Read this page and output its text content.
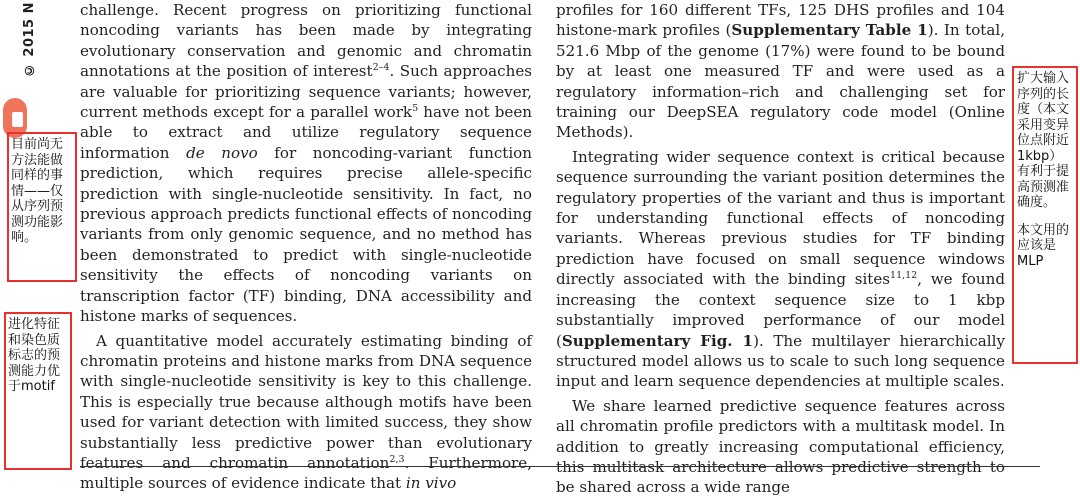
© 2015 N	challenge. Recent progress on prioritizing functional noncoding variants has been made by integrating evolutionary conservation and genomic and chromatin annotations at the position of interest$^{2-4}$. Such approaches are valuable for prioritizing sequence variants; however, current methods except for a parallel work$^5$ have not been able to extract and utilize regulatory sequence information de novo for noncoding-variant function prediction, which requires precise allele-specific prediction with single-nucleotide sensitivity. In fact, no previous approach predicts functional effects of noncoding variants from only genomic sequence, and no method has been demonstrated to predict with single-nucleotide sensitivity the effects of noncoding variants on transcription factor (TF) binding, DNA accessibility and histone marks of sequences.

A quantitative model accurately estimating binding of chromatin proteins and histone marks from DNA sequence with single-nucleotide sensitivity is key to this challenge. This is especially true because although motifs have been used for variant detection with limited success, they show substantially less predictive power than evolutionary features and chromatin annotation$^{2,3}$. Furthermore, multiple sources of evidence indicate that in vivo

profiles for 160 different TFs, 125 DHS profiles and 104 histone-mark profiles (Supplementary Table 1). In total, 521.6 Mbp of the genome (17%) were found to be bound by at least one measured TF and were used as a regulatory information–rich and challenging set for training our DeepSEA regulatory code model (Online Methods).

Integrating wider sequence context is critical because sequence surrounding the variant position determines the regulatory properties of the variant and thus is important for understanding functional effects of noncoding variants. Whereas previous studies for TF binding prediction have focused on small sequence windows directly associated with the binding sites$^{11,12}$, we found increasing the context sequence size to 1 kbp substantially improved performance of our model (Supplementary Fig. 1). The multilayer hierarchically structured model allows us to scale to such long sequence input and learn sequence dependencies at multiple scales.

We share learned predictive sequence features across all chromatin profile predictors with a multitask model. In addition to greatly increasing computational efficiency, this multitask architecture allows predictive strength to be shared across a wide range

目前尚无方法能做同样的事情——仅从序列预测功能影响。
进化特征和染色质标志的预测能力优于motif
扩大输入序列的长度（本文采用变异位点附近1kbp）有利于提高预测准确度。
本文用的应该是MLP
